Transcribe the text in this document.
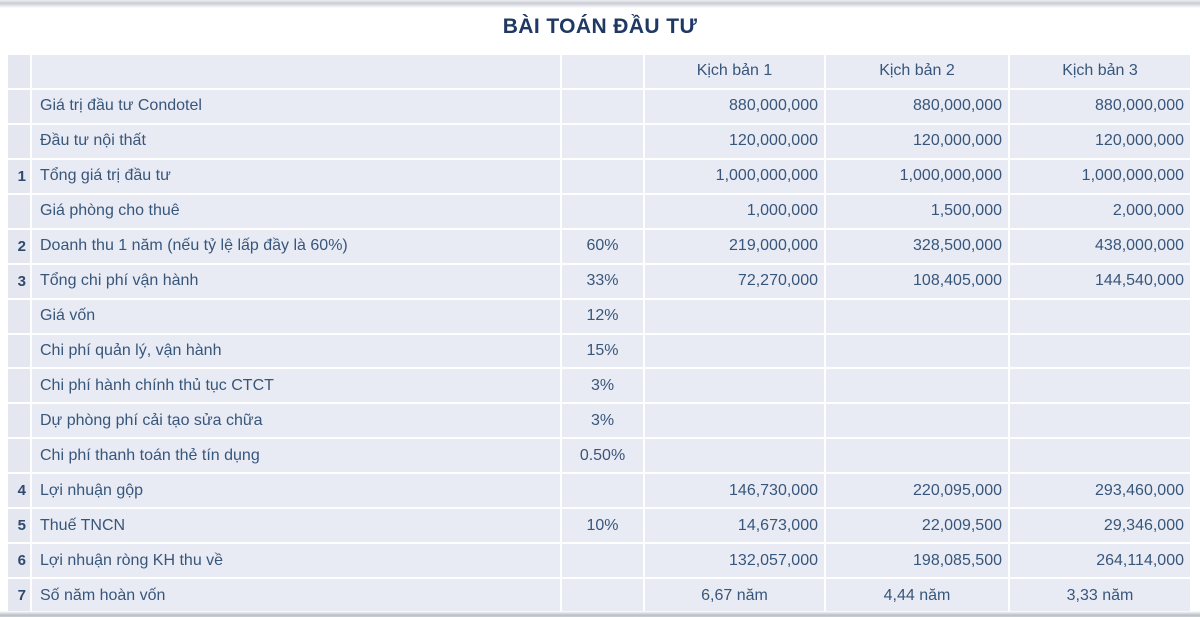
BÀI TOÁN ĐẦU TƯ
Kịch bản 1	Kịch bản 2	Kịch bản 3
Giá trị đầu tư Condotel	880,000,000	880,000,000	880,000,000
Đầu tư nội thất	120,000,000	120,000,000	120,000,000
1 Tổng giá trị đầu tư	1,000,000,000	1,000,000,000	1,000,000,000
Giá phòng cho thuê	1,000,000	1,500,000	2,000,000
2 Doanh thu 1 năm (nếu tỷ lệ lấp đầy là 60%)	60%	219,000,000	328,500,000	438,000,000
3 Tổng chi phí vận hành	33%	72,270,000	108,405,000	144,540,000
Giá vốn	12%
Chi phí quản lý, vận hành	15%
Chi phí hành chính thủ tục CTCT	3%
Dự phòng phí cải tạo sửa chữa	3%
Chi phí thanh toán thẻ tín dụng	0.50%
4 Lợi nhuận gộp	146,730,000	220,095,000	293,460,000
5 Thuế TNCN	10%	14,673,000	22,009,500	29,346,000
6 Lợi nhuận ròng KH thu về	132,057,000	198,085,500	264,114,000
7 Số năm hoàn vốn	6,67 năm	4,44 năm	3,33 năm
